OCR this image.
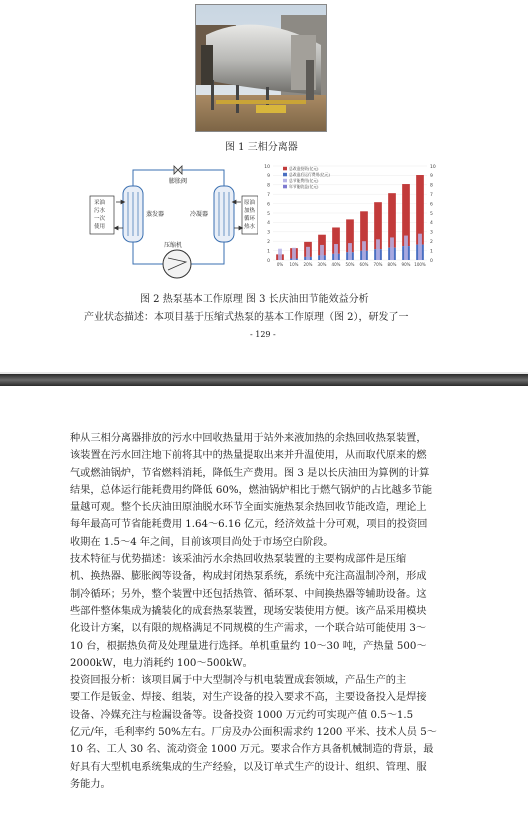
图 1 三相分离器
膨胀阀
蒸发器	冷凝器
压缩机
采油
污水
一次
使用
原油
加热
循环
热水
0
1
2
3
4
5
6
7
8
9
10
0
1
2
3
4
5
6
7
8
9
10
0% 10% 20% 30% 40% 50% 60% 70% 80% 90% 100%
总改造投资(亿元)
总改造后运行费用(亿元)
总节能费用(亿元)
年节能收益(亿元)
图 2 热泵基本工作原理 图 3 长庆油田节能效益分析
产业状态描述：本项目基于压缩式热泵的基本工作原理（图 2），研发了一
- 129 -

种从三相分离器排放的污水中回收热量用于站外来液加热的余热回收热泵装置，
该装置在污水回注地下前将其中的热量提取出来并升温使用，从而取代原来的燃
气或燃油锅炉，节省燃料消耗，降低生产费用。图 3 是以长庆油田为算例的计算
结果，总体运行能耗费用约降低 60%，燃油锅炉相比于燃气锅炉的占比越多节能
量越可观。整个长庆油田原油脱水环节全面实施热泵余热回收节能改造，理论上
每年最高可节省能耗费用 1.64～6.16 亿元，经济效益十分可观，项目的投资回
收期在 1.5～4 年之间，目前该项目尚处于市场空白阶段。

技术特征与优势描述：该采油污水余热回收热泵装置的主要构成部件是压缩
机、换热器、膨胀阀等设备，构成封闭热泵系统，系统中充注高温制冷剂，形成
制冷循环；另外，整个装置中还包括热管、循环泵、中间换热器等辅助设备。这
些部件整体集成为撬装化的成套热泵装置，现场安装使用方便。该产品采用模块
化设计方案，以有限的规格满足不同规模的生产需求，一个联合站可能使用 3～
10 台，根据热负荷及处理量进行选择。单机重量约 10～30 吨，产热量 500～
2000kW，电力消耗约 100～500kW。

投资回报分析：该项目属于中大型制冷与机电装置成套领域，产品生产的主
要工作是钣金、焊接、组装，对生产设备的投入要求不高，主要设备投入是焊接
设备、冷媒充注与检漏设备等。设备投资 1000 万元约可实现产值 0.5～1.5
亿元/年，毛利率约 50%左右。厂房及办公面积需求约 1200 平米、技术人员 5～
10 名、工人 30 名、流动资金 1000 万元。要求合作方具备机械制造的背景，最
好具有大型机电系统集成的生产经验，以及订单式生产的设计、组织、管理、服
务能力。
